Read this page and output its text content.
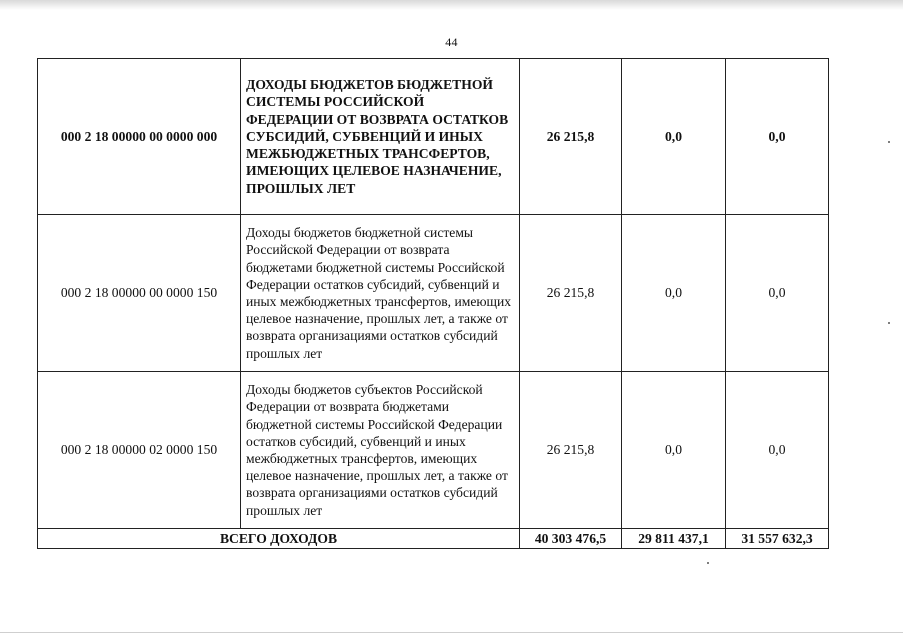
44
000 2 18 00000 00 0000 000	ДОХОДЫ БЮДЖЕТОВ БЮДЖЕТНОЙ СИСТЕМЫ РОССИЙСКОЙ ФЕДЕРАЦИИ ОТ ВОЗВРАТА ОСТАТКОВ СУБСИДИЙ, СУБВЕНЦИЙ И ИНЫХ МЕЖБЮДЖЕТНЫХ ТРАНСФЕРТОВ, ИМЕЮЩИХ ЦЕЛЕВОЕ НАЗНАЧЕНИЕ, ПРОШЛЫХ ЛЕТ	26 215,8	0,0	0,0
000 2 18 00000 00 0000 150	Доходы бюджетов бюджетной системы Российской Федерации от возврата бюджетами бюджетной системы Российской Федерации остатков субсидий, субвенций и иных межбюджетных трансфертов, имеющих целевое назначение, прошлых лет, а также от возврата организациями остатков субсидий прошлых лет	26 215,8	0,0	0,0
000 2 18 00000 02 0000 150	Доходы бюджетов субъектов Российской Федерации от возврата бюджетами бюджетной системы Российской Федерации остатков субсидий, субвенций и иных межбюджетных трансфертов, имеющих целевое назначение, прошлых лет, а также от возврата организациями остатков субсидий прошлых лет	26 215,8	0,0	0,0
ВСЕГО ДОХОДОВ		40 303 476,5	29 811 437,1	31 557 632,3
